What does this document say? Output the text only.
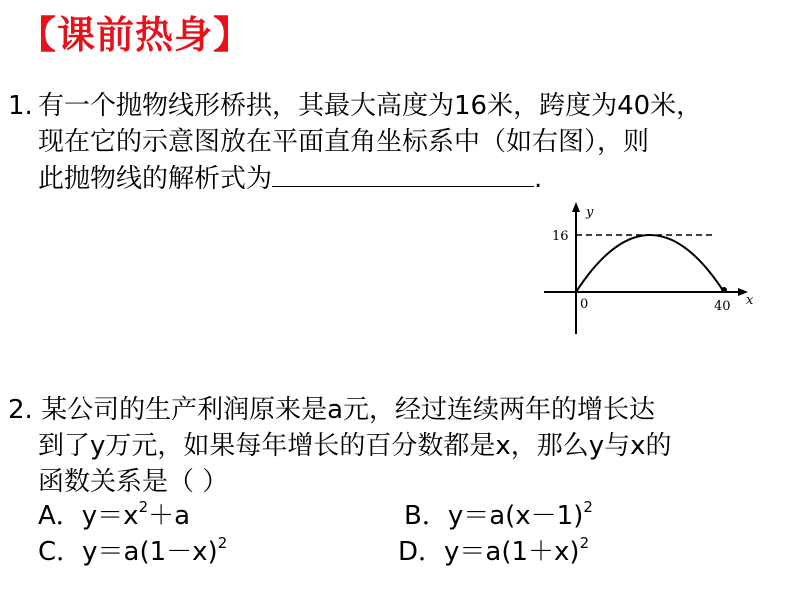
【课前热身】
1. 有一个抛物线形桥拱，其最大高度为16米，跨度为40米，
现在它的示意图放在平面直角坐标系中（如右图），则
此抛物线的解析式为	.
y
x
16
0	40
2. 某公司的生产利润原来是a元，经过连续两年的增长达
到了y万元，如果每年增长的百分数都是x，那么y与x的
函数关系是（ ）
A．$y=x^2+a$	B．$y=a(x-1)^2$
C．$y=a(1-x)^2$	D．$y=a(1+x)^2$
